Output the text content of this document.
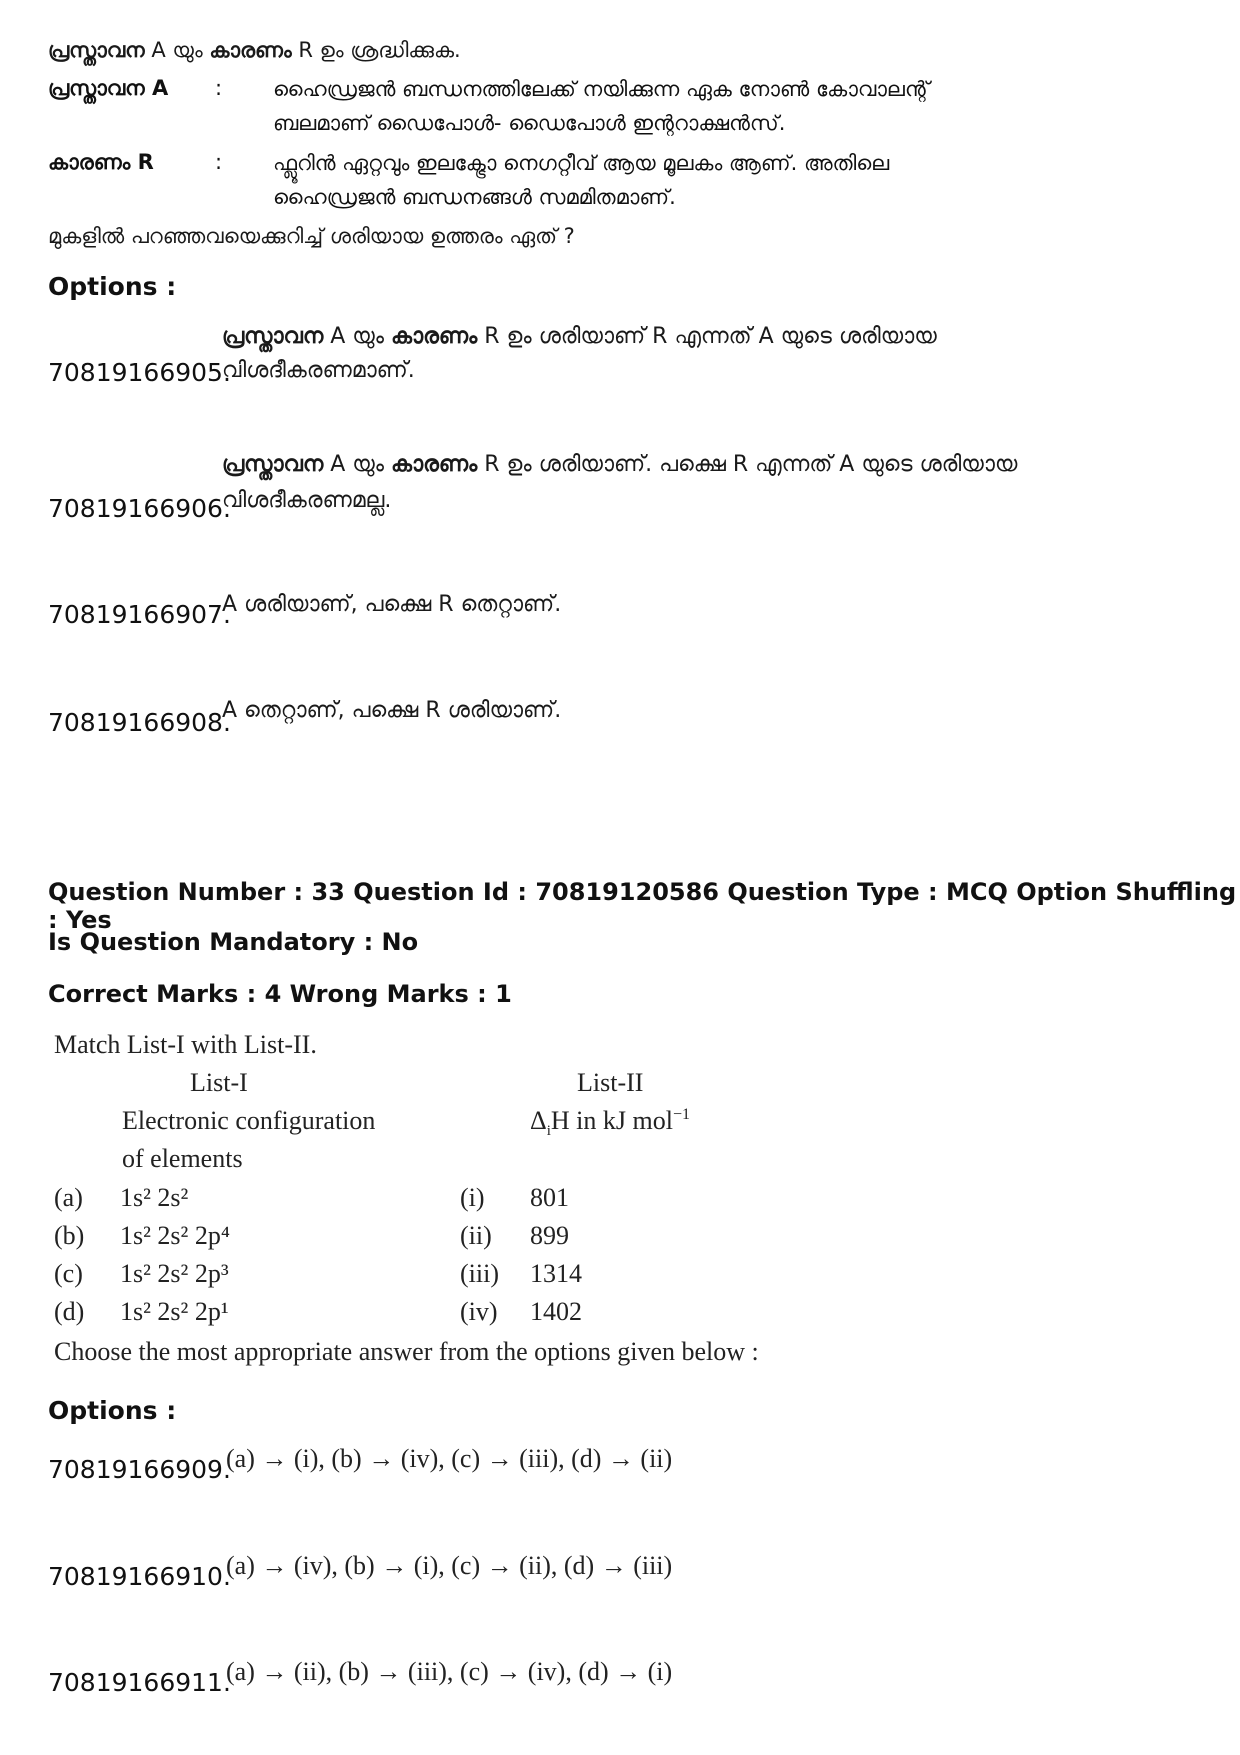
പ്രസ്താവന A യും കാരണം R ഉം ശ്രദ്ധിക്കുക.
പ്രസ്താവന A : ഹൈഡ്രജൻ ബന്ധനത്തിലേക്ക് നയിക്കുന്ന ഏക നോൺ കോവാലന്റ്
ബലമാണ് ഡൈപോൾ- ഡൈപോൾ ഇന്ററാക്ഷൻസ്.
കാരണം R	: ഫ്ലൂറിൻ ഏറ്റവും ഇലക്ട്രോ നെഗറ്റീവ് ആയ മൂലകം ആണ്. അതിലെ
ഹൈഡ്രജൻ ബന്ധനങ്ങൾ സമമിതമാണ്.
മുകളിൽ പറഞ്ഞവയെക്കുറിച്ച് ശരിയായ ഉത്തരം ഏത് ?
Options :
പ്രസ്താവന A യും കാരണം R ഉം ശരിയാണ് R എന്നത് A യുടെ ശരിയായ
70819166905.
വിശദീകരണമാണ്.
പ്രസ്താവന A യും കാരണം R ഉം ശരിയാണ്. പക്ഷെ R എന്നത് A യുടെ ശരിയായ
70819166906.
വിശദീകരണമല്ല.
70819166907.
A ശരിയാണ്, പക്ഷെ R തെറ്റാണ്.
70819166908.
A തെറ്റാണ്, പക്ഷെ R ശരിയാണ്.
Question Number : 33 Question Id : 70819120586 Question Type : MCQ Option Shuffling : Yes
Is Question Mandatory : No
Correct Marks : 4 Wrong Marks : 1
Match List-I with List-II.
List-I	List-II
Electronic configuration	$\Delta_iH$ in kJ mol$^{-1}$
of elements
(a) 1s² 2s²	(i) 801
(b) 1s² 2s² 2p⁴	(ii) 899
(c) 1s² 2s² 2p³	(iii) 1314
(d) 1s² 2s² 2p¹	(iv) 1402
Choose the most appropriate answer from the options given below :
Options :
70819166909.
(a) → (i), (b) → (iv), (c) → (iii), (d) → (ii)
70819166910.
(a) → (iv), (b) → (i), (c) → (ii), (d) → (iii)
70819166911.
(a) → (ii), (b) → (iii), (c) → (iv), (d) → (i)
